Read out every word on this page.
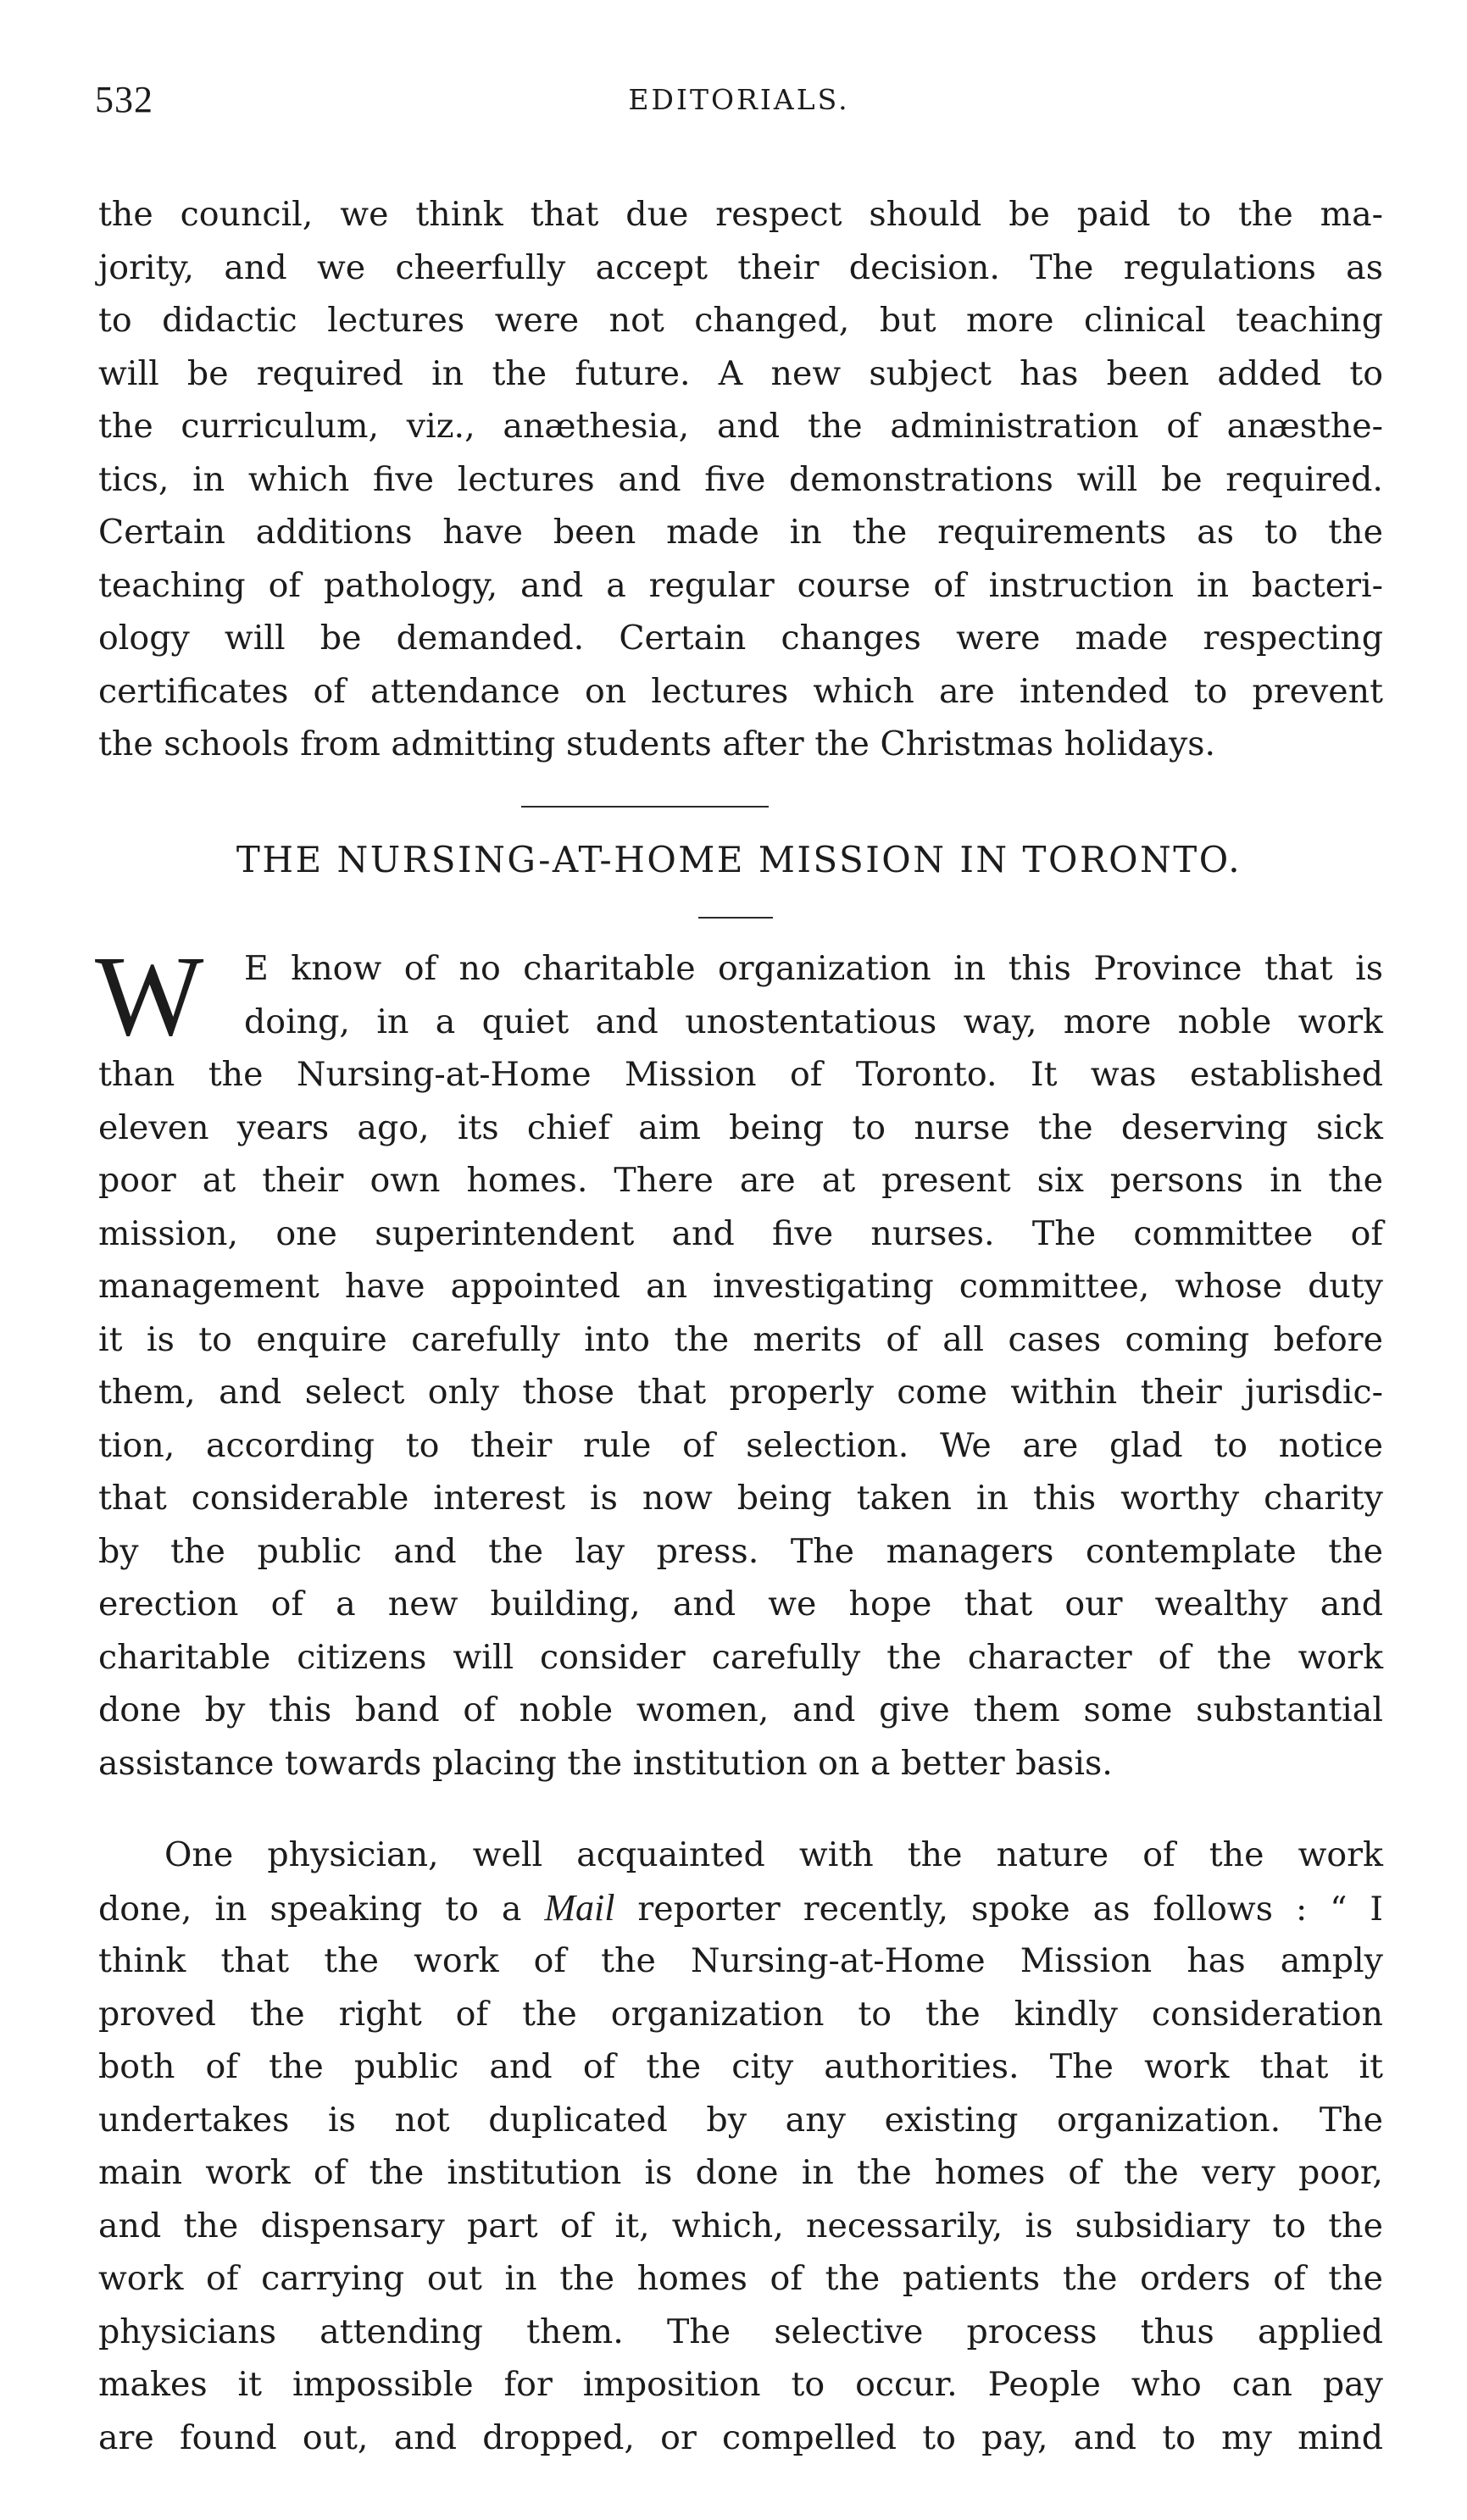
532	EDITORIALS.
the council, we think that due respect should be paid to the ma-
jority, and we cheerfully accept their decision. The regulations as
to didactic lectures were not changed, but more clinical teaching
will be required in the future. A new subject has been added to
the curriculum, viz., anæthesia, and the administration of anæsthe-
tics, in which five lectures and five demonstrations will be required.
Certain additions have been made in the requirements as to the
teaching of pathology, and a regular course of instruction in bacteri-
ology will be demanded. Certain changes were made respecting
certificates of attendance on lectures which are intended to prevent
the schools from admitting students after the Christmas holidays.
THE NURSING-AT-HOME MISSION IN TORONTO.
W	E know of no charitable organization in this Province that is
doing, in a quiet and unostentatious way, more noble work
than the Nursing-at-Home Mission of Toronto. It was established
eleven years ago, its chief aim being to nurse the deserving sick
poor at their own homes. There are at present six persons in the
mission, one superintendent and five nurses. The committee of
management have appointed an investigating committee, whose duty
it is to enquire carefully into the merits of all cases coming before
them, and select only those that properly come within their jurisdic-
tion, according to their rule of selection. We are glad to notice
that considerable interest is now being taken in this worthy charity
by the public and the lay press. The managers contemplate the
erection of a new building, and we hope that our wealthy and
charitable citizens will consider carefully the character of the work
done by this band of noble women, and give them some substantial
assistance towards placing the institution on a better basis.
One physician, well acquainted with the nature of the work
done, in speaking to a Mail reporter recently, spoke as follows : “ I
think that the work of the Nursing-at-Home Mission has amply
proved the right of the organization to the kindly consideration
both of the public and of the city authorities. The work that it
undertakes is not duplicated by any existing organization. The
main work of the institution is done in the homes of the very poor,
and the dispensary part of it, which, necessarily, is subsidiary to the
work of carrying out in the homes of the patients the orders of the
physicians attending them. The selective process thus applied
makes it impossible for imposition to occur. People who can pay
are found out, and dropped, or compelled to pay, and to my mind
